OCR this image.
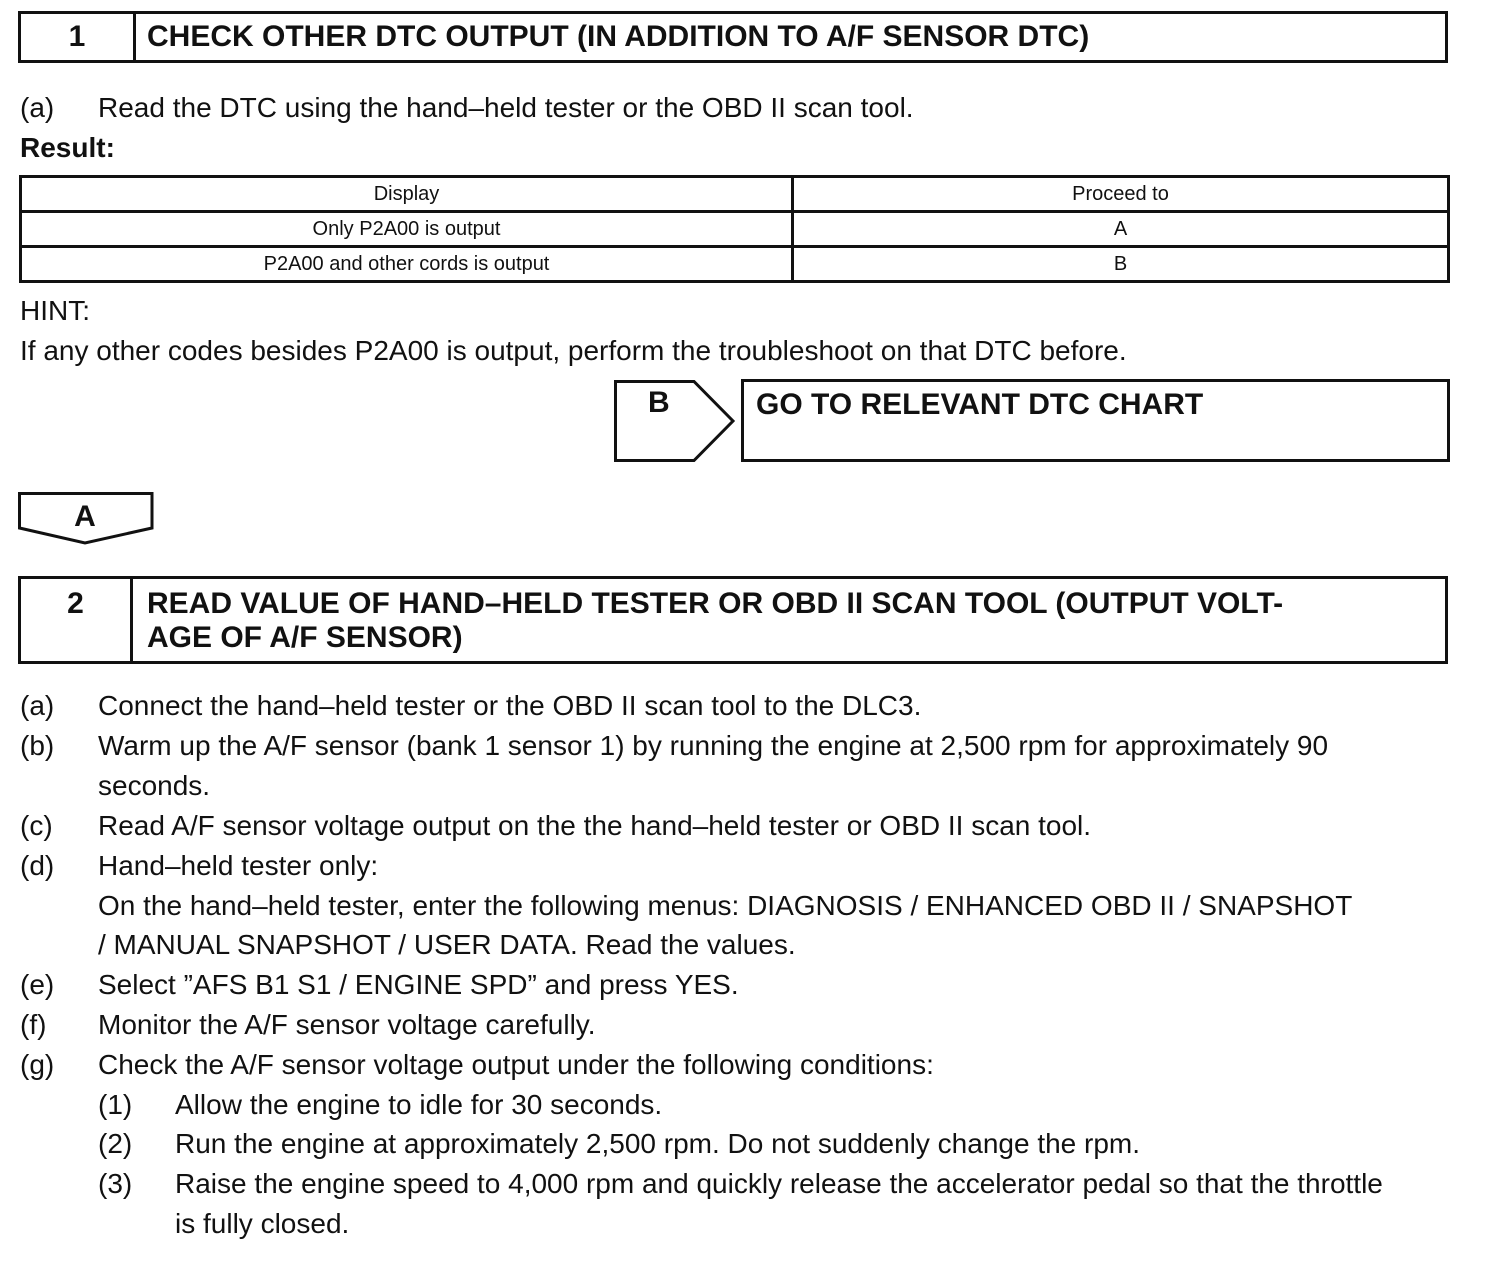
1	CHECK OTHER DTC OUTPUT (IN ADDITION TO A/F SENSOR DTC)
(a) Read the DTC using the hand–held tester or the OBD II scan tool.
Result:
Display	Proceed to
Only P2A00 is output	A
P2A00 and other cords is output	B
HINT:
If any other codes besides P2A00 is output, perform the troubleshoot on that DTC before.
B	GO TO RELEVANT DTC CHART
A
2	READ VALUE OF HAND–HELD TESTER OR OBD II SCAN TOOL (OUTPUT VOLT-
AGE OF A/F SENSOR)
(a) Connect the hand–held tester or the OBD II scan tool to the DLC3.
(b) Warm up the A/F sensor (bank 1 sensor 1) by running the engine at 2,500 rpm for approximately 90
seconds.
(c) Read A/F sensor voltage output on the the hand–held tester or OBD II scan tool.
(d) Hand–held tester only:
On the hand–held tester, enter the following menus: DIAGNOSIS / ENHANCED OBD II / SNAPSHOT
/ MANUAL SNAPSHOT / USER DATA. Read the values.
(e) Select ”AFS B1 S1 / ENGINE SPD” and press YES.
(f) Monitor the A/F sensor voltage carefully.
(g) Check the A/F sensor voltage output under the following conditions:
(1) Allow the engine to idle for 30 seconds.
(2) Run the engine at approximately 2,500 rpm. Do not suddenly change the rpm.
(3) Raise the engine speed to 4,000 rpm and quickly release the accelerator pedal so that the throttle
is fully closed.
